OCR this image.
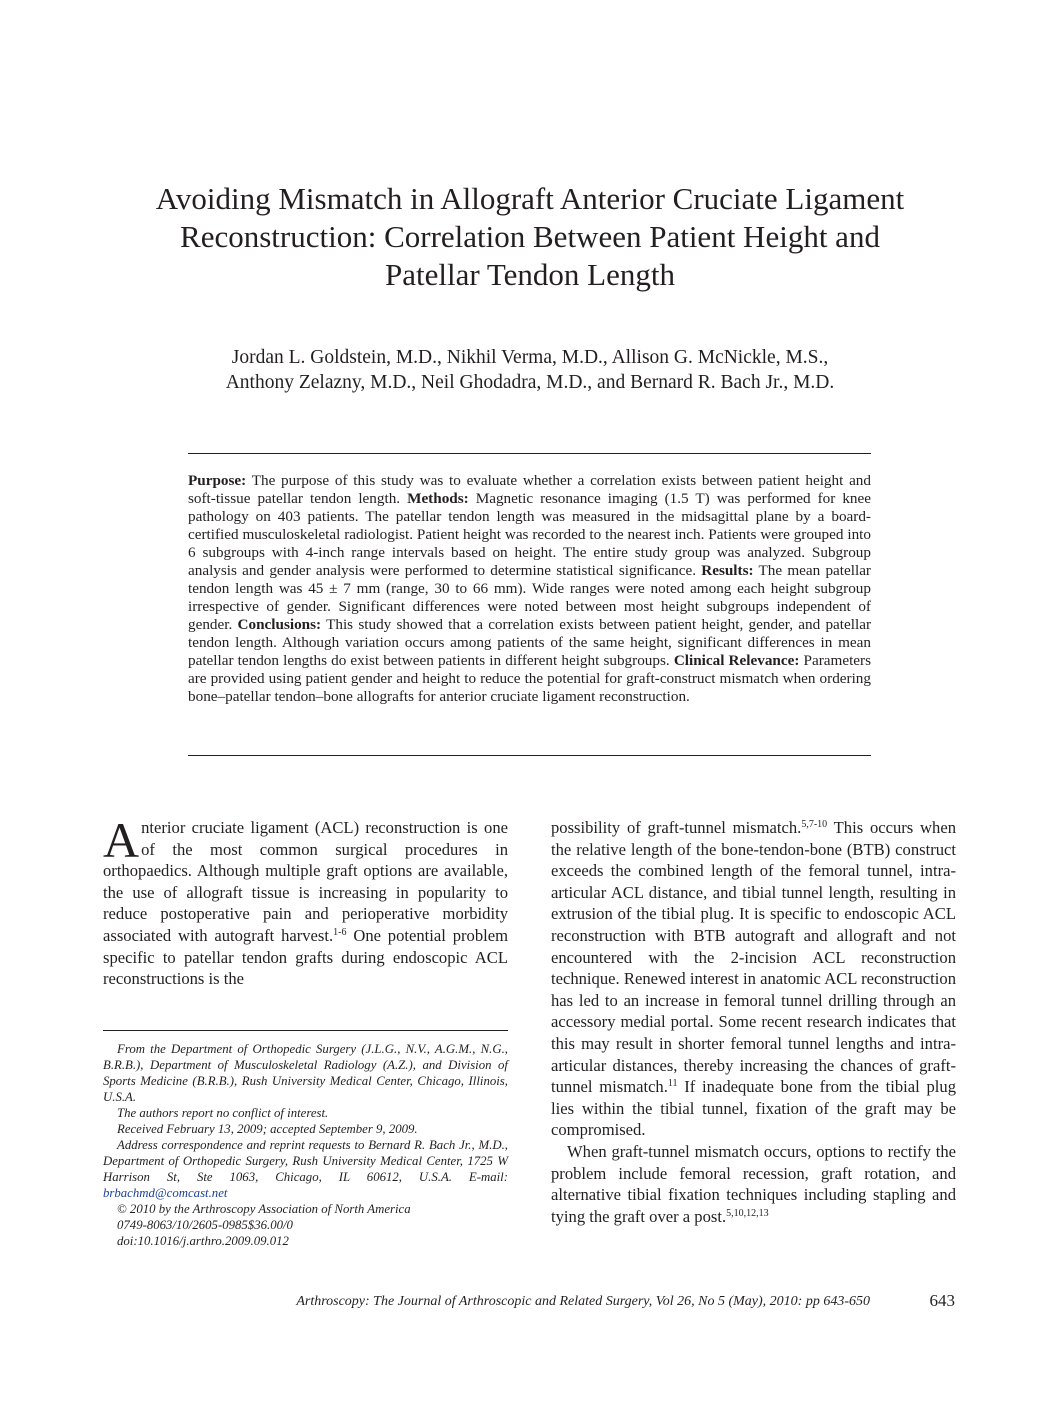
Avoiding Mismatch in Allograft Anterior Cruciate Ligament
Reconstruction: Correlation Between Patient Height and
Patellar Tendon Length
Jordan L. Goldstein, M.D., Nikhil Verma, M.D., Allison G. McNickle, M.S.,
Anthony Zelazny, M.D., Neil Ghodadra, M.D., and Bernard R. Bach Jr., M.D.
Purpose: The purpose of this study was to evaluate whether a correlation exists between patient height and soft-tissue patellar tendon length. Methods: Magnetic resonance imaging (1.5 T) was performed for knee pathology on 403 patients. The patellar tendon length was measured in the midsagittal plane by a board-certified musculoskeletal radiologist. Patient height was recorded to the nearest inch. Patients were grouped into 6 subgroups with 4-inch range intervals based on height. The entire study group was analyzed. Subgroup analysis and gender analysis were performed to determine statistical significance. Results: The mean patellar tendon length was 45 ± 7 mm (range, 30 to 66 mm). Wide ranges were noted among each height subgroup irrespective of gender. Significant differences were noted between most height subgroups independent of gender. Conclusions: This study showed that a correlation exists between patient height, gender, and patellar tendon length. Although variation occurs among patients of the same height, significant differences in mean patellar tendon lengths do exist between patients in different height subgroups. Clinical Relevance: Parameters are provided using patient gender and height to reduce the potential for graft-construct mismatch when ordering bone–patellar tendon–bone allografts for anterior cruciate ligament reconstruction.

Anterior cruciate ligament (ACL) reconstruction is one of the most common surgical procedures in orthopaedics. Although multiple graft options are available, the use of allograft tissue is increasing in popularity to reduce postoperative pain and perioperative morbidity associated with autograft harvest.$^{1-6}$ One potential problem specific to patellar tendon grafts during endoscopic ACL reconstructions is the

From the Department of Orthopedic Surgery (J.L.G., N.V., A.G.M., N.G., B.R.B.), Department of Musculoskeletal Radiology (A.Z.), and Division of Sports Medicine (B.R.B.), Rush University Medical Center, Chicago, Illinois, U.S.A.

The authors report no conflict of interest.

Received February 13, 2009; accepted September 9, 2009.

Address correspondence and reprint requests to Bernard R. Bach Jr., M.D., Department of Orthopedic Surgery, Rush University Medical Center, 1725 W Harrison St, Ste 1063, Chicago, IL 60612, U.S.A. E-mail: brbachmd@comcast.net

© 2010 by the Arthroscopy Association of North America

0749-8063/10/2605-0985$36.00/0

doi:10.1016/j.arthro.2009.09.012

possibility of graft-tunnel mismatch.$^{5,7-10}$ This occurs when the relative length of the bone-tendon-bone (BTB) construct exceeds the combined length of the femoral tunnel, intra-articular ACL distance, and tibial tunnel length, resulting in extrusion of the tibial plug. It is specific to endoscopic ACL reconstruction with BTB autograft and allograft and not encountered with the 2-incision ACL reconstruction technique. Renewed interest in anatomic ACL reconstruction has led to an increase in femoral tunnel drilling through an accessory medial portal. Some recent research indicates that this may result in shorter femoral tunnel lengths and intra-articular distances, thereby increasing the chances of graft-tunnel mismatch.$^{11}$ If inadequate bone from the tibial plug lies within the tibial tunnel, fixation of the graft may be compromised.

When graft-tunnel mismatch occurs, options to rectify the problem include femoral recession, graft rotation, and alternative tibial fixation techniques including stapling and tying the graft over a post.$^{5,10,12,13}$

Arthroscopy: The Journal of Arthroscopic and Related Surgery, Vol 26, No 5 (May), 2010: pp 643-650	643
